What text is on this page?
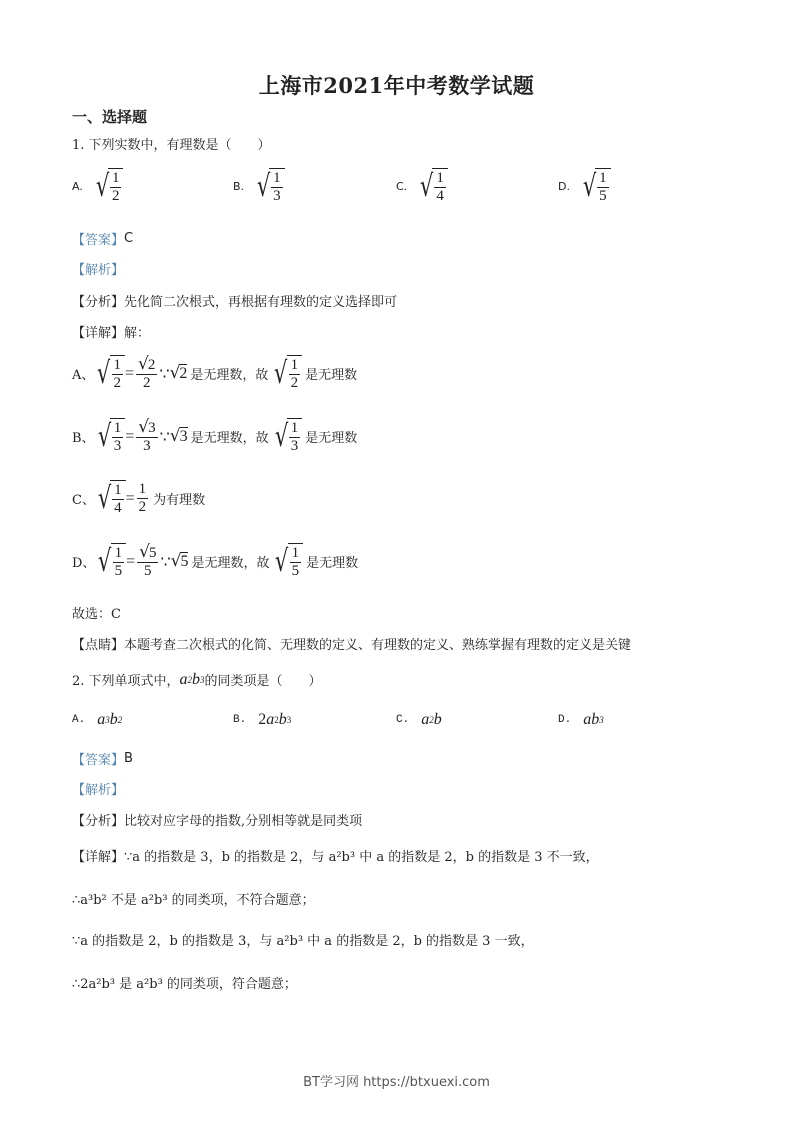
上海市2021年中考数学试题
一、选择题
1. 下列实数中，有理数是（　　）
A. √ $\frac{1}{2}$	B. √ $\frac{1}{3}$	C. √ $\frac{1}{4}$	D. √ $\frac{1}{5}$
【答案】 C
【解析】
【分析】 先化简二次根式，再根据有理数的定义选择即可
【详解】 解：
A、 √ $\frac{1}{2} = \frac{√2}{2}$ ∵ √ 2 是无理数，故 √ $\frac{1}{2}$ 是无理数
B、 √ $\frac{1}{3} = \frac{√3}{3}$ ∵ √ 3 是无理数，故 √ $\frac{1}{3}$ 是无理数
C、 √ $\frac{1}{4} = \frac{1}{2}$ 为有理数
D、 √ $\frac{1}{5} = \frac{√5}{5}$ ∵ √ 5 是无理数，故 √ $\frac{1}{5}$ 是无理数
故选：C
【点睛】 本题考查二次根式的化简、无理数的定义、有理数的定义、熟练掌握有理数的定义是关键
2. 下列单项式中， a 2 b 3 的同类项是（　　）
A. a 3 b 2	B. 2 a 2 b 3	C. a 2 b	D. ab 3
【答案】 B
【解析】
【分析】 比较对应字母的指数,分别相等就是同类项
【详解】 ∵a 的指数是 3，b 的指数是 2，与 a²b³ 中 a 的指数是 2，b 的指数是 3 不一致，
∴a³b² 不是 a²b³ 的同类项，不符合题意；
∵a 的指数是 2，b 的指数是 3，与 a²b³ 中 a 的指数是 2，b 的指数是 3 一致，
∴2a²b³ 是 a²b³ 的同类项，符合题意；
BT学习网 https://btxuexi.com
